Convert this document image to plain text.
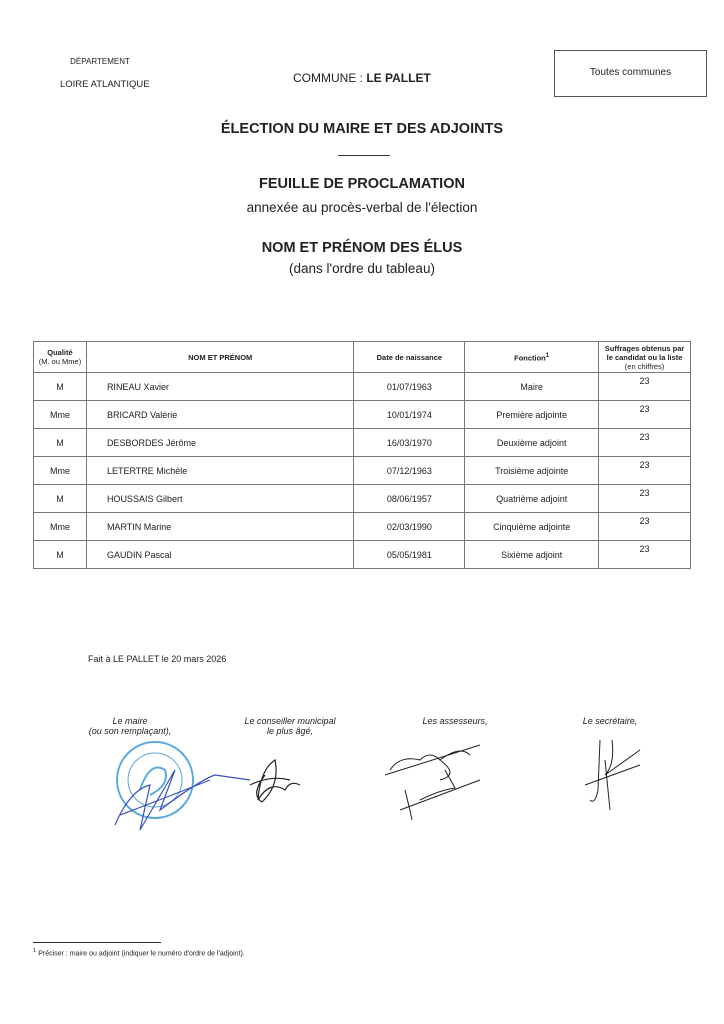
DÉPARTEMENT
LOIRE ATLANTIQUE	COMMUNE : LE PALLET	Toutes communes
ÉLECTION DU MAIRE ET DES ADJOINTS
FEUILLE DE PROCLAMATION
annexée au procès-verbal de l'élection
NOM ET PRÉNOM DES ÉLUS
(dans l'ordre du tableau)
Qualité
(M. ou Mme)	NOM ET PRÉNOM	Date de naissance	Fonction$^1$	Suffrages obtenus par le candidat ou la liste
(en chiffres)
M	RINEAU Xavier	01/07/1963	Maire	23
Mme	BRICARD Valérie	10/01/1974	Première adjointe	23
M	DESBORDES Jérôme	16/03/1970	Deuxième adjoint	23
Mme	LETERTRE Michèle	07/12/1963	Troisième adjointe	23
M	HOUSSAIS Gilbert	08/06/1957	Quatrième adjoint	23
Mme	MARTIN Marine	02/03/1990	Cinquième adjointe	23
M	GAUDIN Pascal	05/05/1981	Sixième adjoint	23
Fait à LE PALLET le 20 mars 2026
Le maire
(ou son remplaçant),
Le conseiller municipal
le plus âgé,
Les assesseurs,	Le secrétaire,
$^1$ Préciser : maire ou adjoint (indiquer le numéro d'ordre de l'adjoint).
